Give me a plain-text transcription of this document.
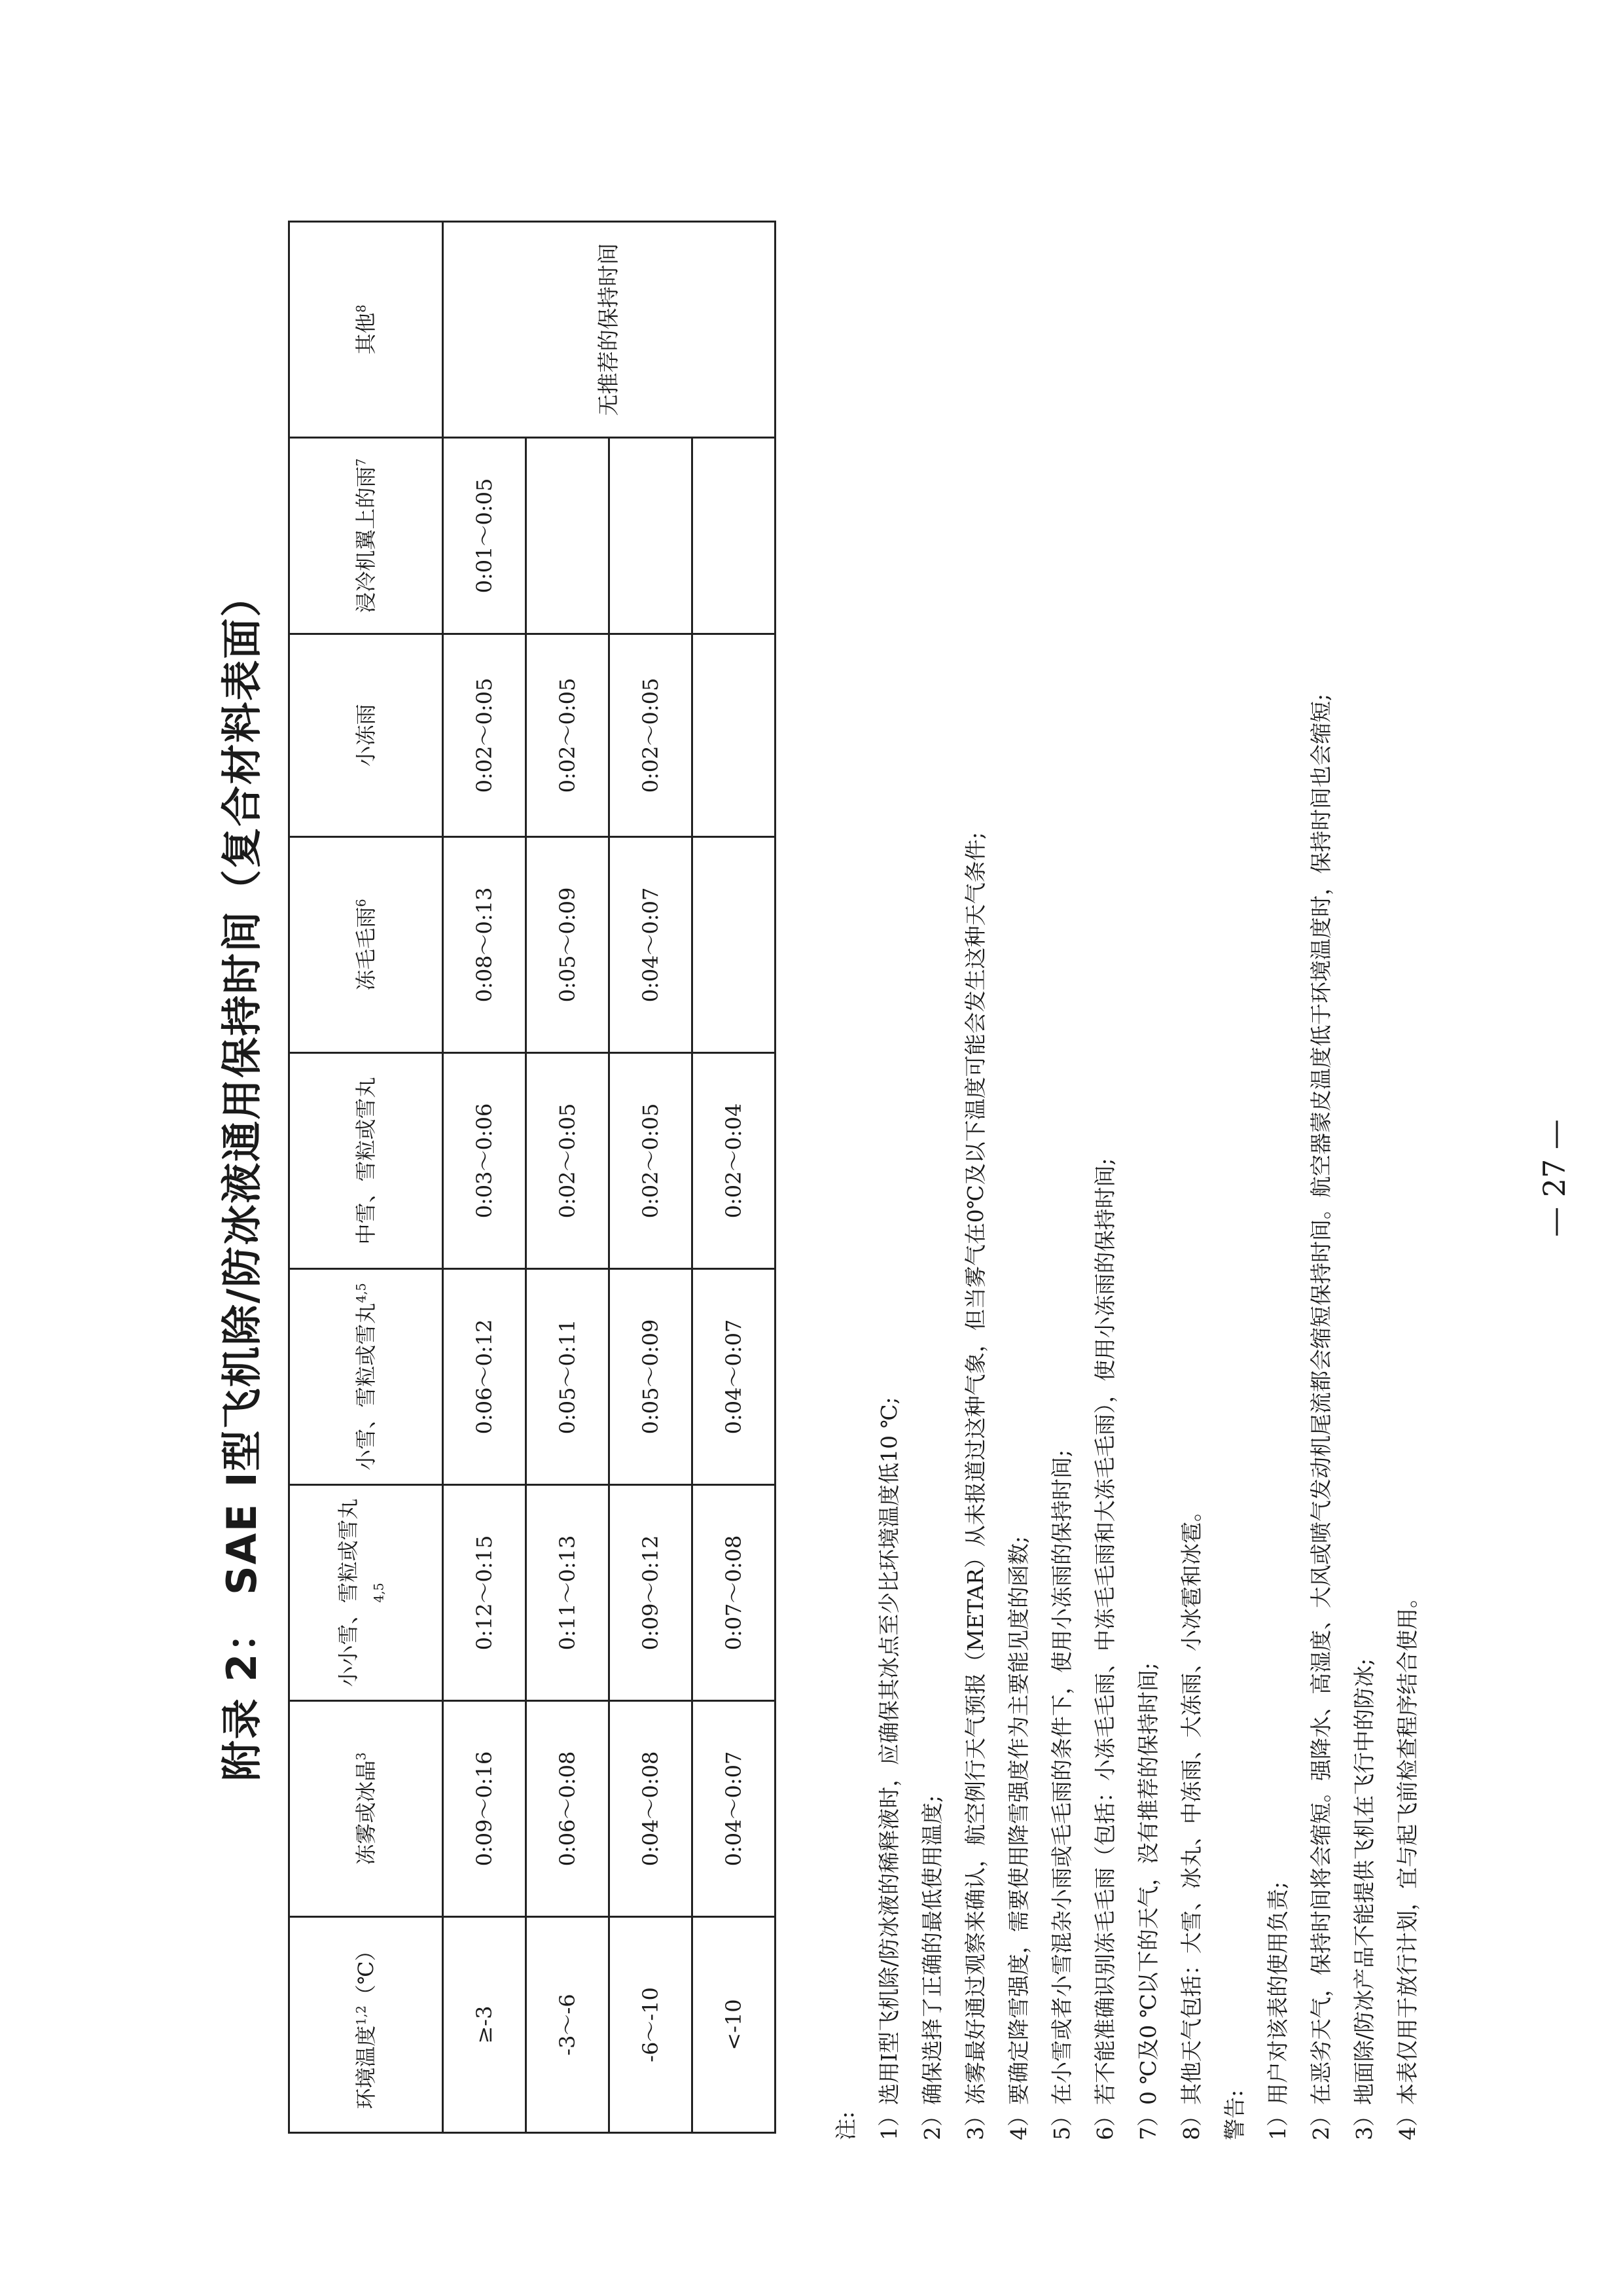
附录 2： SAE Ⅰ型飞机除/防冰液通用保持时间（复合材料表面）
环境温度$^{1,2}$（℃）	冻雾或冰晶$^3$	小小雪、雪粒或雪丸 $^{4,5}$	小雪、雪粒或雪丸$^{4,5}$	中雪、雪粒或雪丸	冻毛毛雨$^6$	小冻雨	浸冷机翼上的雨$^7$	其他$^8$
≥-3	0:09～0:16	0:12～0:15	0:06～0:12	0:03～0:06	0:08～0:13	0:02～0:05	0:01～0:05	无推荐的保持时间
-3～-6	0:06～0:08	0:11～0:13	0:05～0:11	0:02～0:05	0:05～0:09	0:02～0:05		
-6～-10	0:04～0:08	0:09～0:12	0:05～0:09	0:02～0:05	0:04～0:07	0:02～0:05		
<-10	0:04～0:07	0:07～0:08	0:04～0:07	0:02～0:04				

注: 1）选用I型飞机除/防冰液的稀释液时，应确保其冰点至少比环境温度低10 ℃; 2）确保选择了正确的最低使用温度; 3）冻雾最好通过观察来确认，航空例行天气预报（METAR）从未报道过这种气象，但当雾气在0℃及以下温度可能会发生这种天气条件; 4）要确定降雪强度，需要使用降雪强度作为主要能见度的函数; 5）在小雪或者小雪混杂小雨或毛毛雨的条件下，使用小冻雨的保持时间; 6）若不能准确识别冻毛毛雨（包括：小冻毛毛雨、中冻毛毛雨和大冻毛毛雨），使用小冻雨的保持时间; 7）0 ℃及0 ℃以下的天气，没有推荐的保持时间; 8）其他天气包括：大雪、冰丸、中冻雨、大冻雨、小冰雹和冰雹。 警告: 1）用户对该表的使用负责; 2）在恶劣天气，保持时间将会缩短。强降水、高湿度、大风或喷气发动机尾流都会缩短保持时间。航空器蒙皮温度低于环境温度时，保持时间也会缩短; 3）地面除/防冰产品不能提供飞机在飞行中的防冰; 4）本表仅用于放行计划，宜与起飞前检查程序结合使用。
— 27 —
